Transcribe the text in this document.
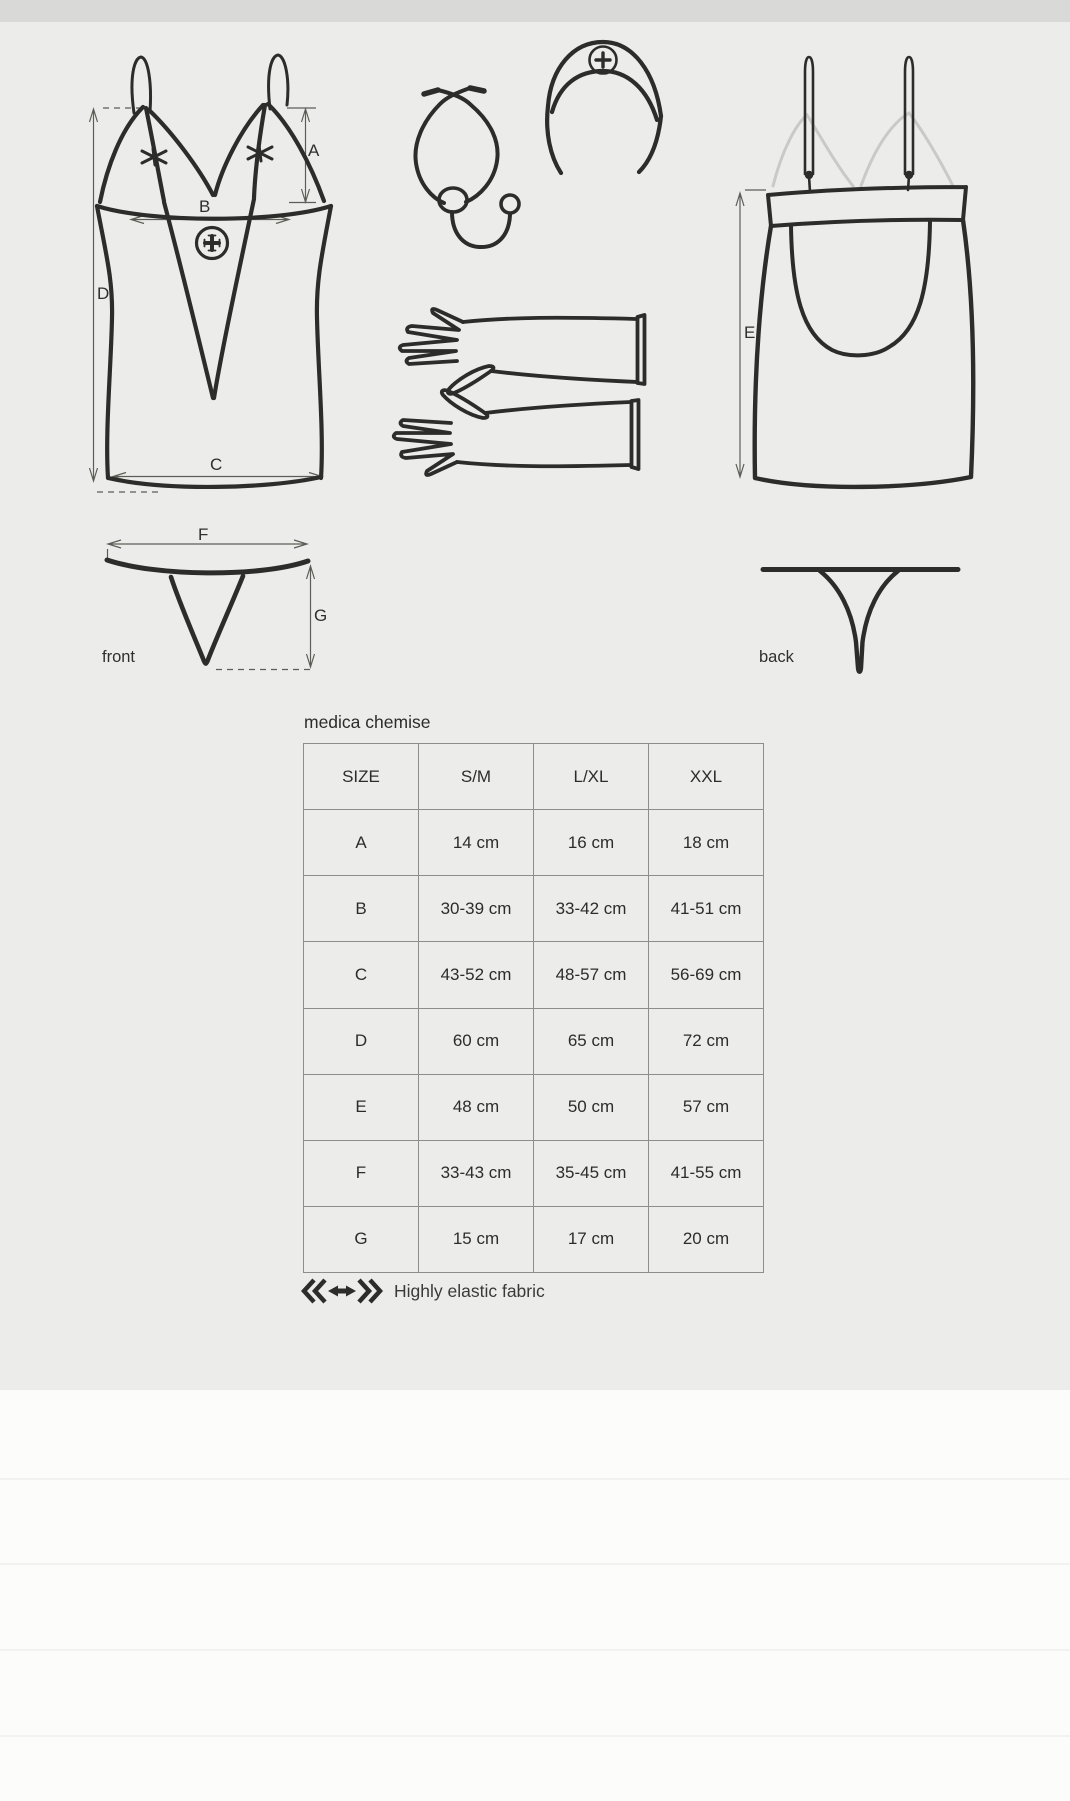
A
B
C
D
E
F
G
front	back
medica chemise
SIZE	S/M	L/XL	XXL
A	14 cm	16 cm	18 cm
B	30-39 cm	33-42 cm	41-51 cm
C	43-52 cm	48-57 cm	56-69 cm
D	60 cm	65 cm	72 cm
E	48 cm	50 cm	57 cm
F	33-43 cm	35-45 cm	41-55 cm
G	15 cm	17 cm	20 cm
Highly elastic fabric
